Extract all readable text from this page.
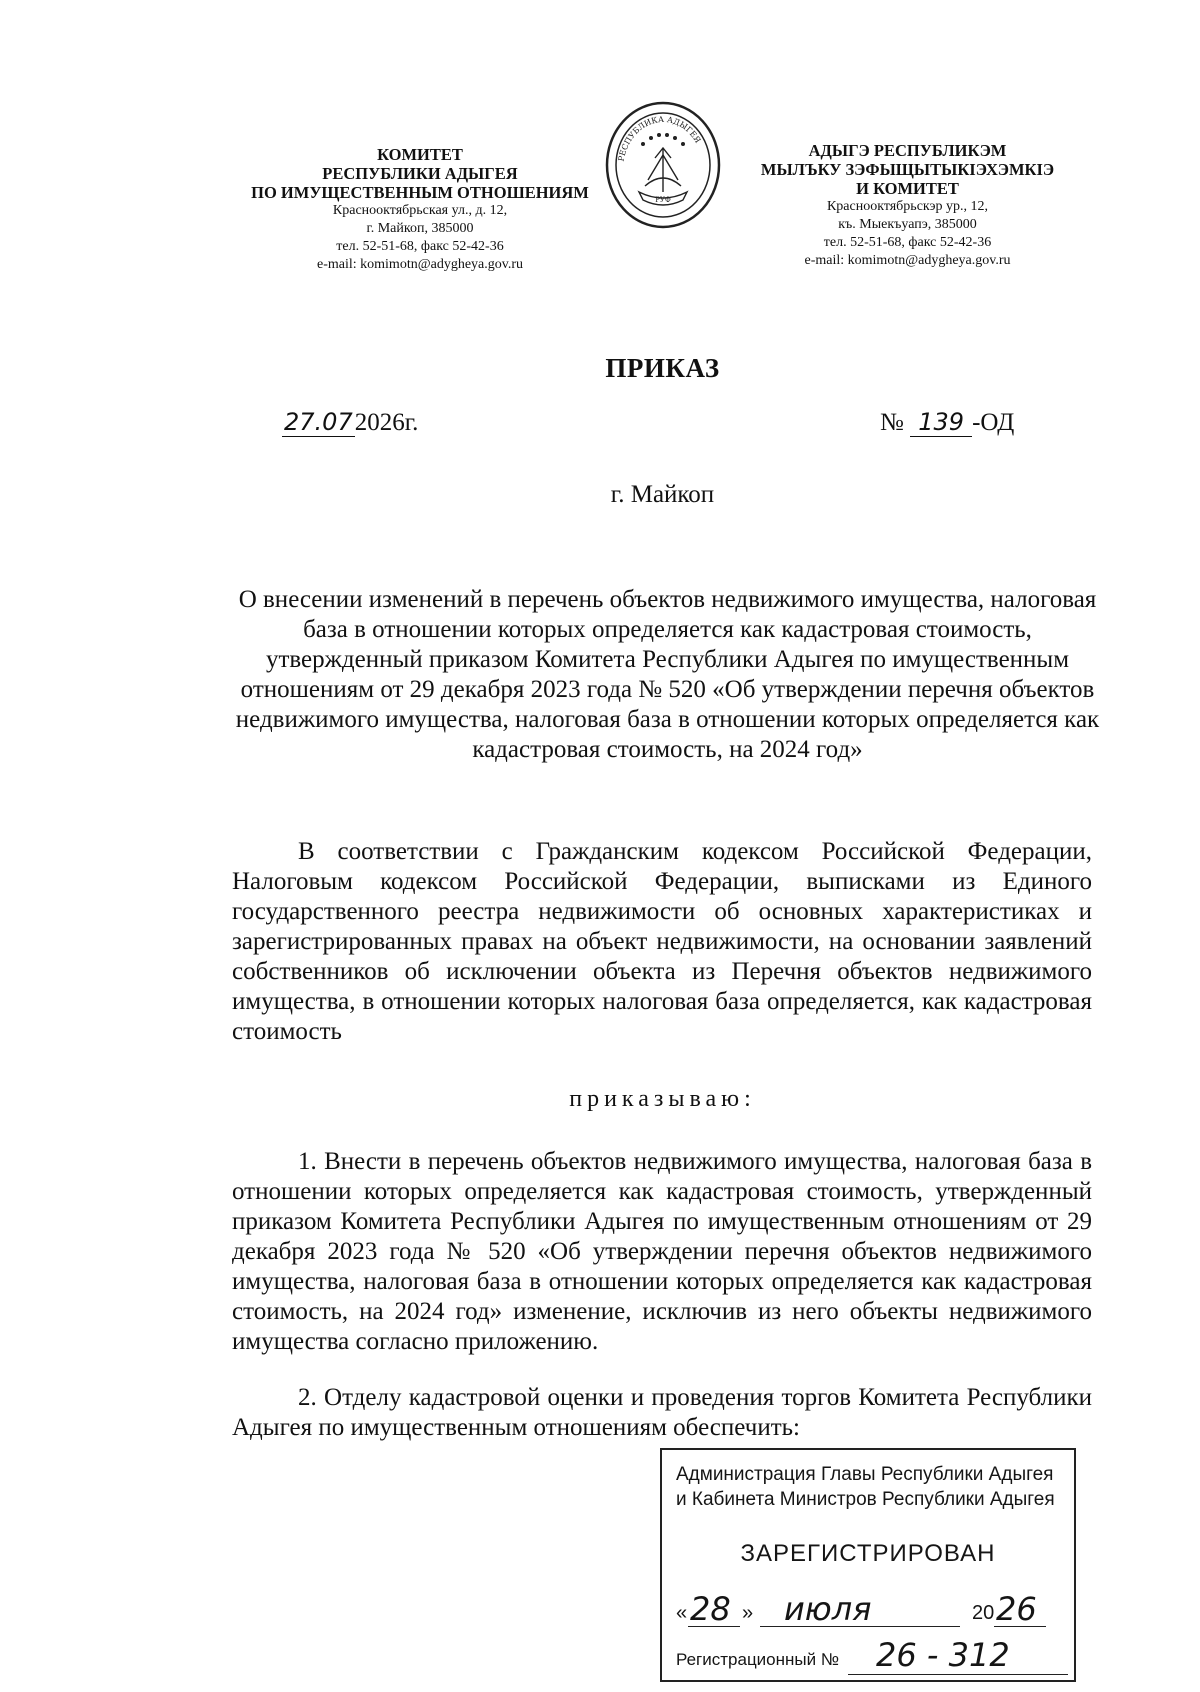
КОМИТЕТ
РЕСПУБЛИКИ АДЫГЕЯ
ПО ИМУЩЕСТВЕННЫМ ОТНОШЕНИЯМ
Краснооктябрьская ул., д. 12,
г. Майкоп, 385000
тел. 52-51-68, факс 52-42-36
e-mail: komimotn@adygheya.gov.ru
РЕСПУБЛИКА АДЫГЕЯ
РУФ
АДЫГЭ РЕСПУБЛИКЭМ
МЫЛЪКУ ЗЭФЫЩЫТЫКIЭХЭМКIЭ
И КОМИТЕТ
Краснооктябрьскэр ур., 12,
къ. Мыекъуапэ, 385000
тел. 52-51-68, факс 52-42-36
e-mail: komimotn@adygheya.gov.ru
ПРИКАЗ
27.072026г.	№ 139 -ОД
г. Майкоп
О внесении изменений в перечень объектов недвижимого имущества, налоговая база в отношении которых определяется как кадастровая стоимость, утвержденный приказом Комитета Республики Адыгея по имущественным отношениям от 29 декабря 2023 года № 520 «Об утверждении перечня объектов недвижимого имущества, налоговая база в отношении которых определяется как кадастровая стоимость, на 2024 год»
В соответствии с Гражданским кодексом Российской Федерации, Налоговым кодексом Российской Федерации, выписками из Единого государственного реестра недвижимости об основных характеристиках и зарегистрированных правах на объект недвижимости, на основании заявлений собственников об исключении объекта из Перечня объектов недвижимого имущества, в отношении которых налоговая база определяется, как кадастровая стоимость
приказываю:
1. Внести в перечень объектов недвижимого имущества, налоговая база в отношении которых определяется как кадастровая стоимость, утвержденный приказом Комитета Республики Адыгея по имущественным отношениям от 29 декабря 2023 года № 520 «Об утверждении перечня объектов недвижимого имущества, налоговая база в отношении которых определяется как кадастровая стоимость, на 2024 год» изменение, исключив из него объекты недвижимого имущества согласно приложению.
2. Отделу кадастровой оценки и проведения торгов Комитета Республики Адыгея по имущественным отношениям обеспечить:
Администрация Главы Республики Адыгея
и Кабинета Министров Республики Адыгея
ЗАРЕГИСТРИРОВАН
« 28 » июля	20 26
Регистрационный № 26 - 312
